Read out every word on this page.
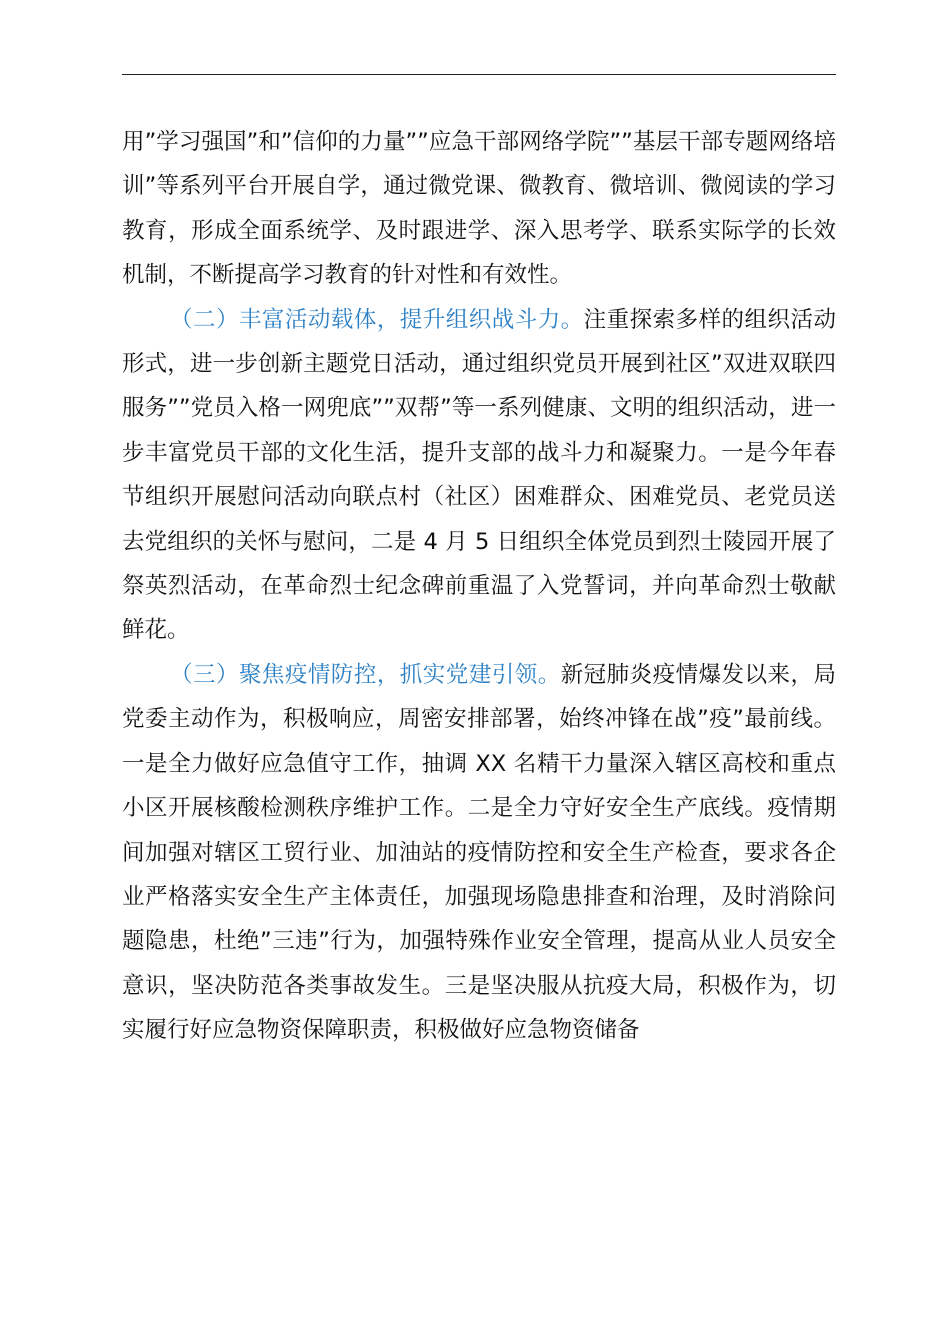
用”学习强国”和”信仰的力量””应急干部网络学院””基层干部专题网络培训”等系列平台开展自学，通过微党课、微教育、微培训、微阅读的学习教育，形成全面系统学、及时跟进学、深入思考学、联系实际学的长效机制，不断提高学习教育的针对性和有效性。

（二）丰富活动载体，提升组织战斗力。注重探索多样的组织活动形式，进一步创新主题党日活动，通过组织党员开展到社区”双进双联四服务””党员入格一网兜底””双帮”等一系列健康、文明的组织活动，进一步丰富党员干部的文化生活，提升支部的战斗力和凝聚力。一是今年春节组织开展慰问活动向联点村（社区）困难群众、困难党员、老党员送去党组织的关怀与慰问，二是 4 月 5 日组织全体党员到烈士陵园开展了祭英烈活动，在革命烈士纪念碑前重温了入党誓词，并向革命烈士敬献鲜花。

（三）聚焦疫情防控，抓实党建引领。新冠肺炎疫情爆发以来，局党委主动作为，积极响应，周密安排部署，始终冲锋在战”疫”最前线。一是全力做好应急值守工作，抽调 XX 名精干力量深入辖区高校和重点小区开展核酸检测秩序维护工作。二是全力守好安全生产底线。疫情期间加强对辖区工贸行业、加油站的疫情防控和安全生产检查，要求各企业严格落实安全生产主体责任，加强现场隐患排查和治理，及时消除问题隐患，杜绝”三违”行为，加强特殊作业安全管理，提高从业人员安全意识，坚决防范各类事故发生。三是坚决服从抗疫大局，积极作为，切实履行好应急物资保障职责，积极做好应急物资储备
